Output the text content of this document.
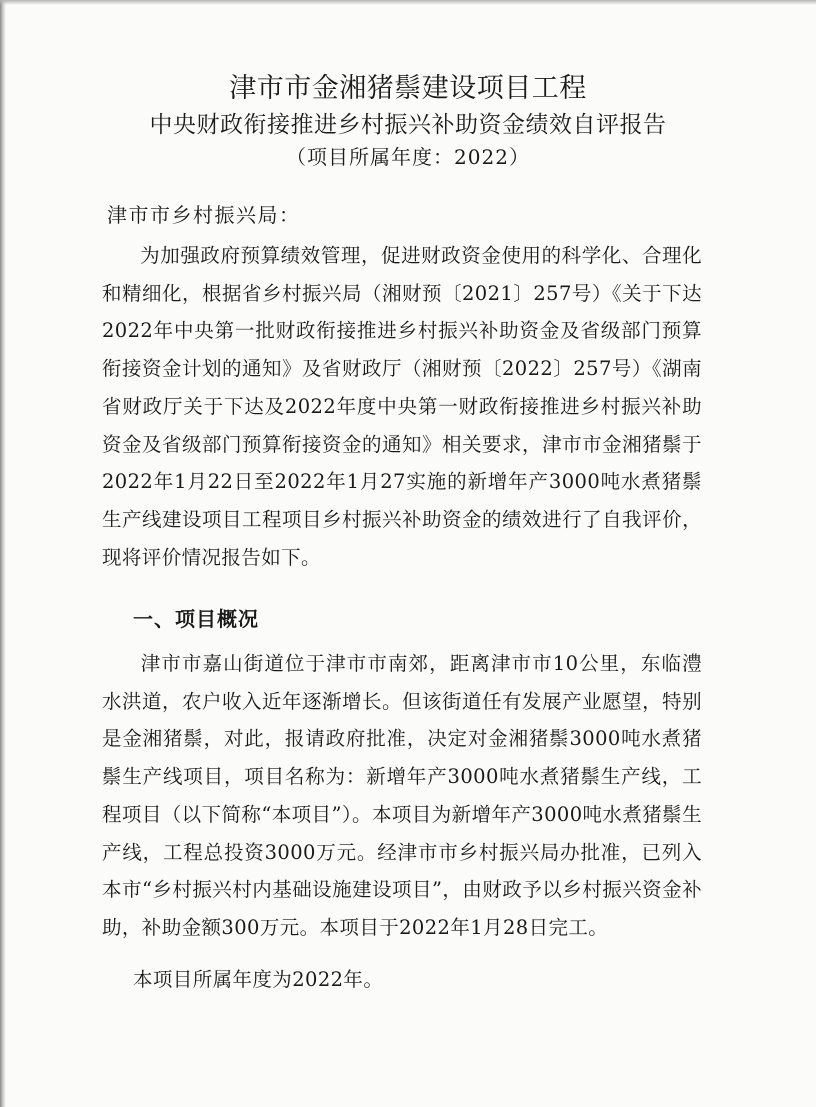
津市市金湘猪鬃建设项目工程
中央财政衔接推进乡村振兴补助资金绩效自评报告
（项目所属年度：2022）
津市市乡村振兴局：
为加强政府预算绩效管理，促进财政资金使用的科学化、合理化和精细化，根据省乡村振兴局（湘财预〔2021〕257号）《关于下达2022年中央第一批财政衔接推进乡村振兴补助资金及省级部门预算衔接资金计划的通知》及省财政厅（湘财预〔2022〕257号）《湖南省财政厅关于下达及2022年度中央第一财政衔接推进乡村振兴补助资金及省级部门预算衔接资金的通知》相关要求，津市市金湘猪鬃于2022年1月22日至2022年1月27实施的新增年产3000吨水煮猪鬃生产线建设项目工程项目乡村振兴补助资金的绩效进行了自我评价，现将评价情况报告如下。
一、项目概况
津市市嘉山街道位于津市市南郊，距离津市市10公里，东临澧水洪道，农户收入近年逐渐增长。但该街道任有发展产业愿望，特别是金湘猪鬃，对此，报请政府批准，决定对金湘猪鬃3000吨水煮猪鬃生产线项目，项目名称为：新增年产3000吨水煮猪鬃生产线，工程项目（以下简称“本项目”）。本项目为新增年产3000吨水煮猪鬃生产线，工程总投资3000万元。经津市市乡村振兴局办批准，已列入本市“乡村振兴村内基础设施建设项目”，由财政予以乡村振兴资金补助，补助金额300万元。本项目于2022年1月28日完工。
本项目所属年度为2022年。
